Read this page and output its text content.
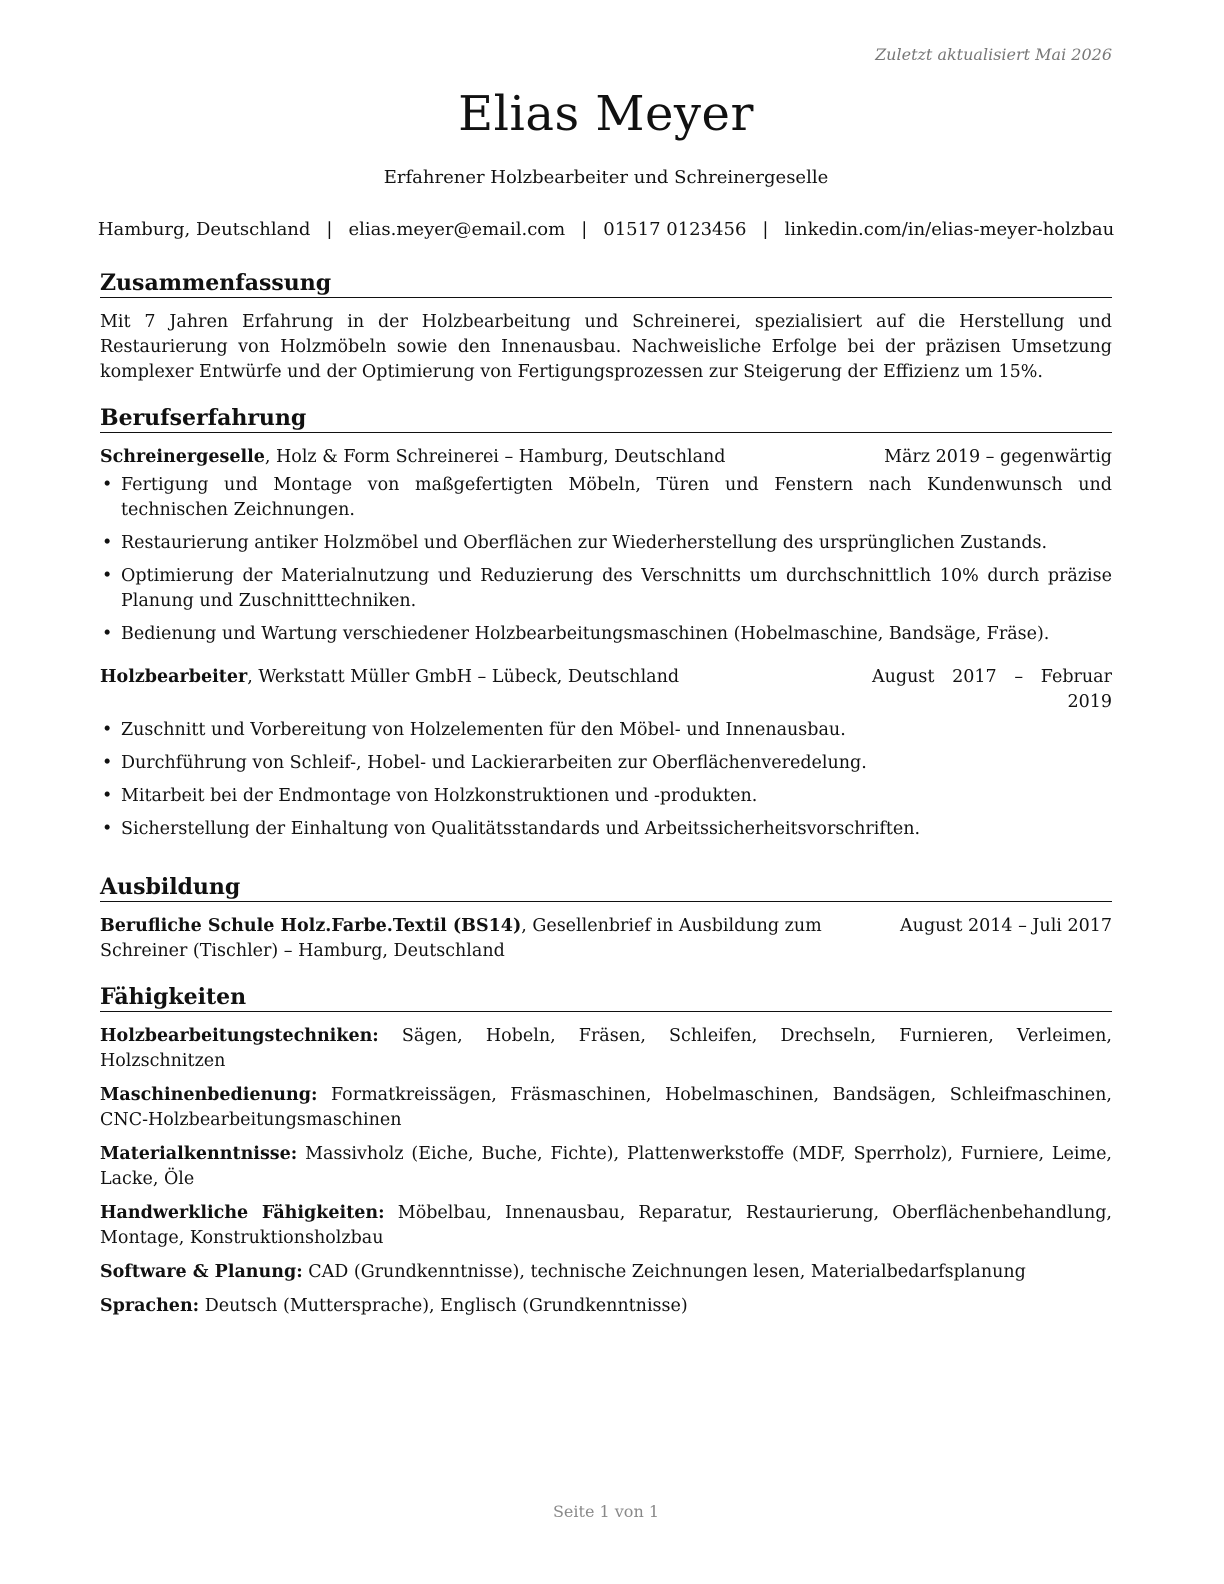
Zuletzt aktualisiert Mai 2026
Elias Meyer
Erfahrener Holzbearbeiter und Schreinergeselle
Hamburg, Deutschland | elias.meyer@email.com | 01517 0123456 | linkedin.com/in/elias-meyer-holzbau
Zusammenfassung

Mit 7 Jahren Erfahrung in der Holzbearbeitung und Schreinerei, spezialisiert auf die Herstellung und Restaurierung von Holzmöbeln sowie den Innenausbau. Nachweisliche Erfolge bei der präzisen Umsetzung komplexer Entwürfe und der Optimierung von Fertigungsprozessen zur Steigerung der Effizienz um 15%.

Berufserfahrung
Schreinergeselle, Holz & Form Schreinerei – Hamburg, Deutschland	März 2019 – gegenwärtig
• Fertigung und Montage von maßgefertigten Möbeln, Türen und Fenstern nach Kundenwunsch und technischen Zeichnungen.
• Restaurierung antiker Holzmöbel und Oberflächen zur Wiederherstellung des ursprünglichen Zustands.
• Optimierung der Materialnutzung und Reduzierung des Verschnitts um durchschnittlich 10% durch präzise Planung und Zuschnitttechniken.
• Bedienung und Wartung verschiedener Holzbearbeitungsmaschinen (Hobelmaschine, Bandsäge, Fräse).
Holzbearbeiter, Werkstatt Müller GmbH – Lübeck, Deutschland	August 2017 – Februar 2019
• Zuschnitt und Vorbereitung von Holzelementen für den Möbel- und Innenausbau.
• Durchführung von Schleif-, Hobel- und Lackierarbeiten zur Oberflächenveredelung.
• Mitarbeit bei der Endmontage von Holzkonstruktionen und -produkten.
• Sicherstellung der Einhaltung von Qualitätsstandards und Arbeitssicherheitsvorschriften.
Ausbildung
Berufliche Schule Holz.Farbe.Textil (BS14), Gesellenbrief in Ausbildung zum Schreiner (Tischler) – Hamburg, Deutschland
August 2014 – Juli 2017
Fähigkeiten
Holzbearbeitungstechniken: Sägen, Hobeln, Fräsen, Schleifen, Drechseln, Furnieren, Verleimen, Holzschnitzen
Maschinenbedienung: Formatkreissägen, Fräsmaschinen, Hobelmaschinen, Bandsägen, Schleifmaschinen, CNC-Holzbearbeitungsmaschinen
Materialkenntnisse: Massivholz (Eiche, Buche, Fichte), Plattenwerkstoffe (MDF, Sperrholz), Furniere, Leime, Lacke, Öle
Handwerkliche Fähigkeiten: Möbelbau, Innenausbau, Reparatur, Restaurierung, Oberflächenbehandlung, Montage, Konstruktionsholzbau
Software & Planung: CAD (Grundkenntnisse), technische Zeichnungen lesen, Materialbedarfsplanung
Sprachen: Deutsch (Muttersprache), Englisch (Grundkenntnisse)
Seite 1 von 1
